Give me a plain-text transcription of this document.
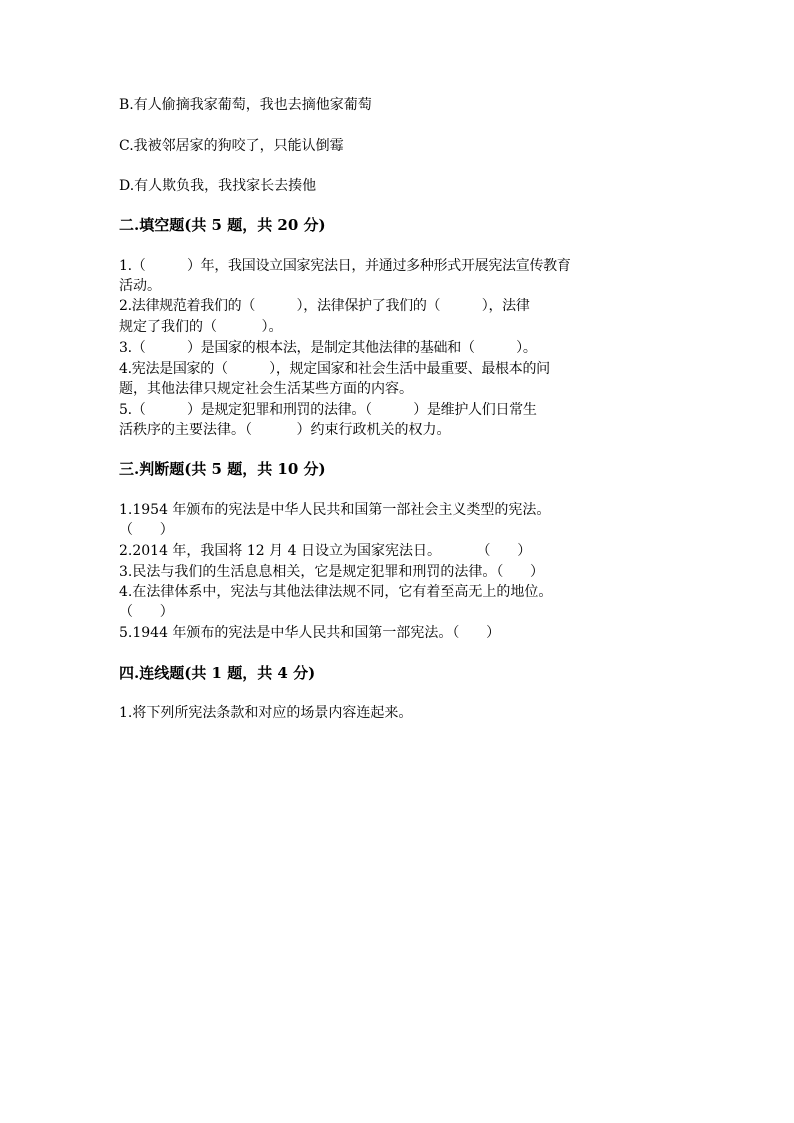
B.有人偷摘我家葡萄，我也去摘他家葡萄
C.我被邻居家的狗咬了，只能认倒霉
D.有人欺负我，我找家长去揍他
二.填空题(共 5 题，共 20 分)
1.（          ）年，我国设立国家宪法日，并通过多种形式开展宪法宣传教育
活动。
2.法律规范着我们的（          ），法律保护了我们的（          ），法律
规定了我们的（          ）。
3.（          ）是国家的根本法，是制定其他法律的基础和（          ）。
4.宪法是国家的（          ），规定国家和社会生活中最重要、最根本的问
题，其他法律只规定社会生活某些方面的内容。
5.（          ）是规定犯罪和刑罚的法律。（          ）是维护人们日常生
活秩序的主要法律。（          ）约束行政机关的权力。
三.判断题(共 5 题，共 10 分)
1.1954 年颁布的宪法是中华人民共和国第一部社会主义类型的宪法。
（      ）
2.2014 年，我国将 12 月 4 日设立为国家宪法日。        （      ）
3.民法与我们的生活息息相关，它是规定犯罪和刑罚的法律。（      ）
4.在法律体系中，宪法与其他法律法规不同，它有着至高无上的地位。
（      ）
5.1944 年颁布的宪法是中华人民共和国第一部宪法。（      ）
四.连线题(共 1 题，共 4 分)
1.将下列所宪法条款和对应的场景内容连起来。
